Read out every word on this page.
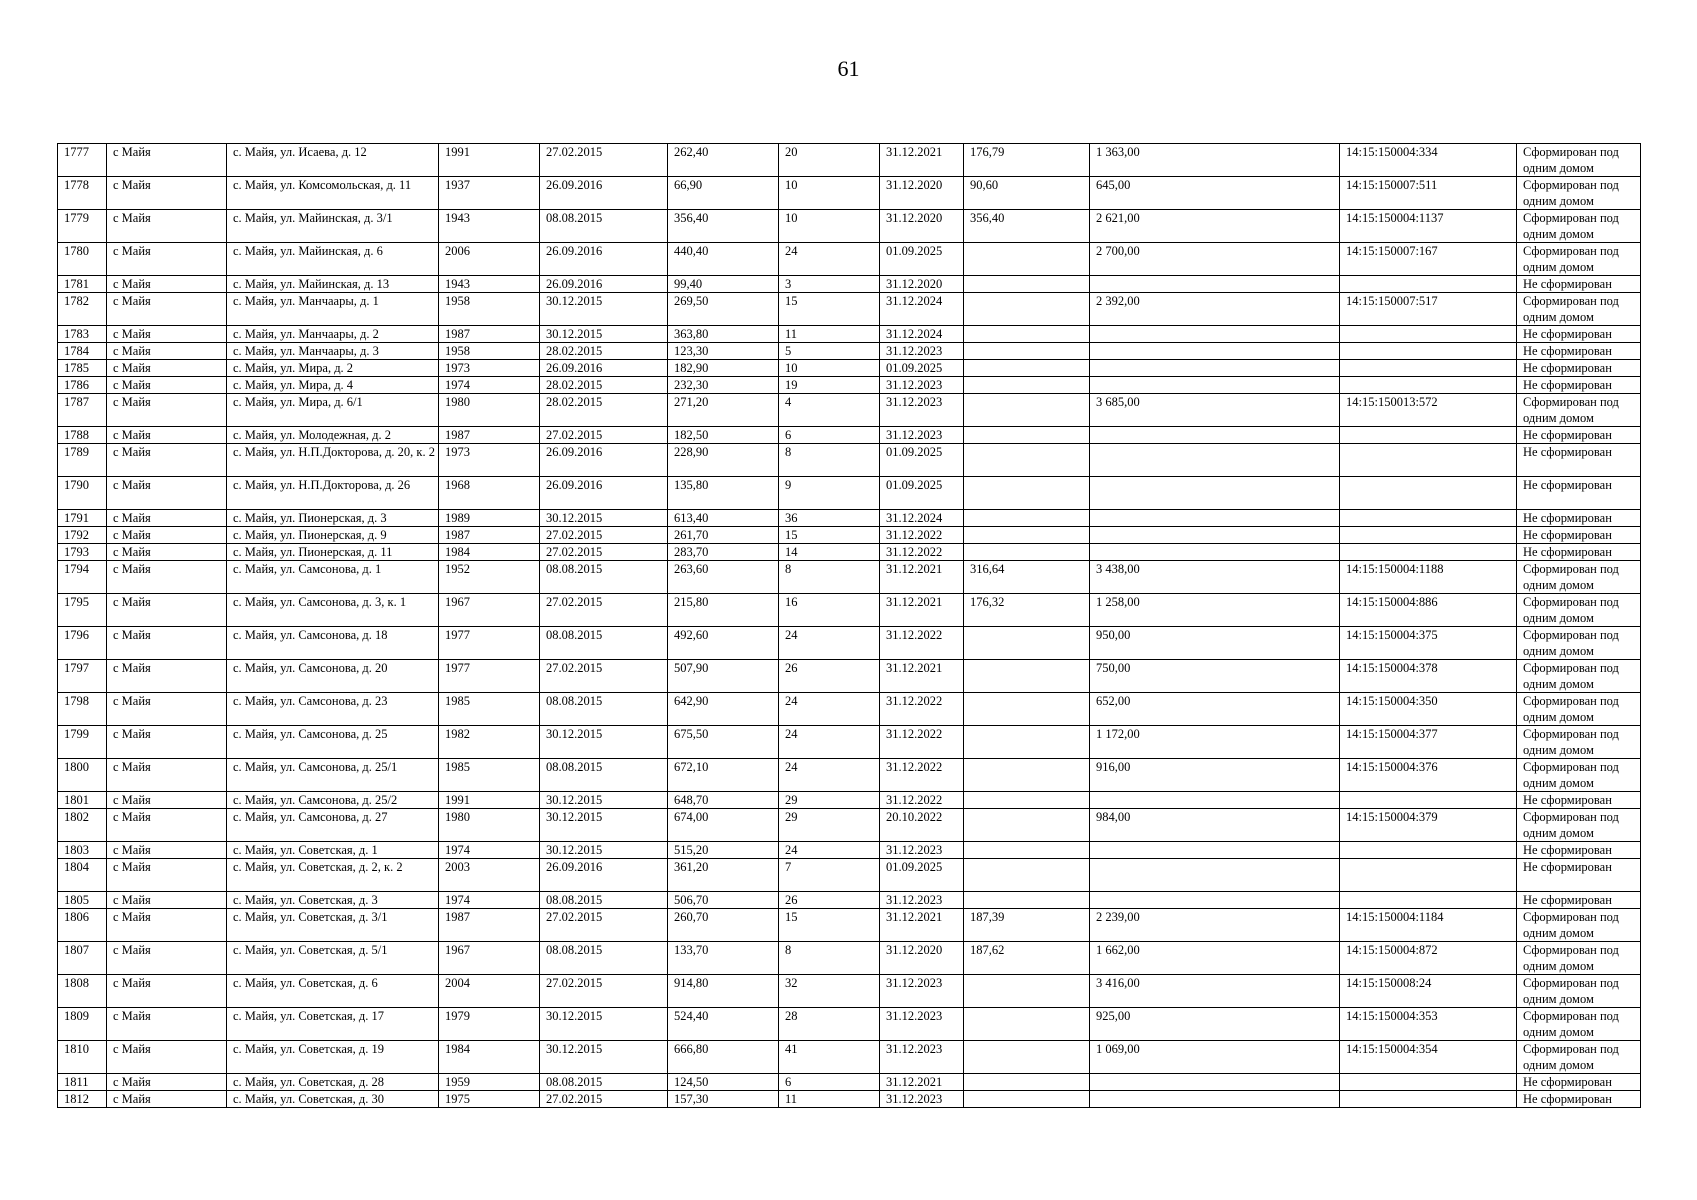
61
1777	с Майя	с. Майя, ул. Исаева, д. 12	1991	27.02.2015	262,40	20	31.12.2021	176,79	1 363,00	14:15:150004:334	Сформирован под одним домом
1778	с Майя	с. Майя, ул. Комсомольская, д. 11	1937	26.09.2016	66,90	10	31.12.2020	90,60	645,00	14:15:150007:511	Сформирован под одним домом
1779	с Майя	с. Майя, ул. Майинская, д. 3/1	1943	08.08.2015	356,40	10	31.12.2020	356,40	2 621,00	14:15:150004:1137	Сформирован под одним домом
1780	с Майя	с. Майя, ул. Майинская, д. 6	2006	26.09.2016	440,40	24	01.09.2025		2 700,00	14:15:150007:167	Сформирован под одним домом
1781	с Майя	с. Майя, ул. Майинская, д. 13	1943	26.09.2016	99,40	3	31.12.2020				Не сформирован
1782	с Майя	с. Майя, ул. Манчаары, д. 1	1958	30.12.2015	269,50	15	31.12.2024		2 392,00	14:15:150007:517	Сформирован под одним домом
1783	с Майя	с. Майя, ул. Манчаары, д. 2	1987	30.12.2015	363,80	11	31.12.2024				Не сформирован
1784	с Майя	с. Майя, ул. Манчаары, д. 3	1958	28.02.2015	123,30	5	31.12.2023				Не сформирован
1785	с Майя	с. Майя, ул. Мира, д. 2	1973	26.09.2016	182,90	10	01.09.2025				Не сформирован
1786	с Майя	с. Майя, ул. Мира, д. 4	1974	28.02.2015	232,30	19	31.12.2023				Не сформирован
1787	с Майя	с. Майя, ул. Мира, д. 6/1	1980	28.02.2015	271,20	4	31.12.2023		3 685,00	14:15:150013:572	Сформирован под одним домом
1788	с Майя	с. Майя, ул. Молодежная, д. 2	1987	27.02.2015	182,50	6	31.12.2023				Не сформирован
1789	с Майя	с. Майя, ул. Н.П.Доктoрова, д. 20, к. 2	1973	26.09.2016	228,90	8	01.09.2025				Не сформирован
1790	с Майя	с. Майя, ул. Н.П.Доктoрова, д. 26	1968	26.09.2016	135,80	9	01.09.2025				Не сформирован
1791	с Майя	с. Майя, ул. Пионерская, д. 3	1989	30.12.2015	613,40	36	31.12.2024				Не сформирован
1792	с Майя	с. Майя, ул. Пионерская, д. 9	1987	27.02.2015	261,70	15	31.12.2022				Не сформирован
1793	с Майя	с. Майя, ул. Пионерская, д. 11	1984	27.02.2015	283,70	14	31.12.2022				Не сформирован
1794	с Майя	с. Майя, ул. Самсонова, д. 1	1952	08.08.2015	263,60	8	31.12.2021	316,64	3 438,00	14:15:150004:1188	Сформирован под одним домом
1795	с Майя	с. Майя, ул. Самсонова, д. 3, к. 1	1967	27.02.2015	215,80	16	31.12.2021	176,32	1 258,00	14:15:150004:886	Сформирован под одним домом
1796	с Майя	с. Майя, ул. Самсонова, д. 18	1977	08.08.2015	492,60	24	31.12.2022		950,00	14:15:150004:375	Сформирован под одним домом
1797	с Майя	с. Майя, ул. Самсонова, д. 20	1977	27.02.2015	507,90	26	31.12.2021		750,00	14:15:150004:378	Сформирован под одним домом
1798	с Майя	с. Майя, ул. Самсонова, д. 23	1985	08.08.2015	642,90	24	31.12.2022		652,00	14:15:150004:350	Сформирован под одним домом
1799	с Майя	с. Майя, ул. Самсонова, д. 25	1982	30.12.2015	675,50	24	31.12.2022		1 172,00	14:15:150004:377	Сформирован под одним домом
1800	с Майя	с. Майя, ул. Самсонова, д. 25/1	1985	08.08.2015	672,10	24	31.12.2022		916,00	14:15:150004:376	Сформирован под одним домом
1801	с Майя	с. Майя, ул. Самсонова, д. 25/2	1991	30.12.2015	648,70	29	31.12.2022				Не сформирован
1802	с Майя	с. Майя, ул. Самсонова, д. 27	1980	30.12.2015	674,00	29	20.10.2022		984,00	14:15:150004:379	Сформирован под одним домом
1803	с Майя	с. Майя, ул. Советская, д. 1	1974	30.12.2015	515,20	24	31.12.2023				Не сформирован
1804	с Майя	с. Майя, ул. Советская, д. 2, к. 2	2003	26.09.2016	361,20	7	01.09.2025				Не сформирован
1805	с Майя	с. Майя, ул. Советская, д. 3	1974	08.08.2015	506,70	26	31.12.2023				Не сформирован
1806	с Майя	с. Майя, ул. Советская, д. 3/1	1987	27.02.2015	260,70	15	31.12.2021	187,39	2 239,00	14:15:150004:1184	Сформирован под одним домом
1807	с Майя	с. Майя, ул. Советская, д. 5/1	1967	08.08.2015	133,70	8	31.12.2020	187,62	1 662,00	14:15:150004:872	Сформирован под одним домом
1808	с Майя	с. Майя, ул. Советская, д. 6	2004	27.02.2015	914,80	32	31.12.2023		3 416,00	14:15:150008:24	Сформирован под одним домом
1809	с Майя	с. Майя, ул. Советская, д. 17	1979	30.12.2015	524,40	28	31.12.2023		925,00	14:15:150004:353	Сформирован под одним домом
1810	с Майя	с. Майя, ул. Советская, д. 19	1984	30.12.2015	666,80	41	31.12.2023		1 069,00	14:15:150004:354	Сформирован под одним домом
1811	с Майя	с. Майя, ул. Советская, д. 28	1959	08.08.2015	124,50	6	31.12.2021				Не сформирован
1812	с Майя	с. Майя, ул. Советская, д. 30	1975	27.02.2015	157,30	11	31.12.2023				Не сформирован
